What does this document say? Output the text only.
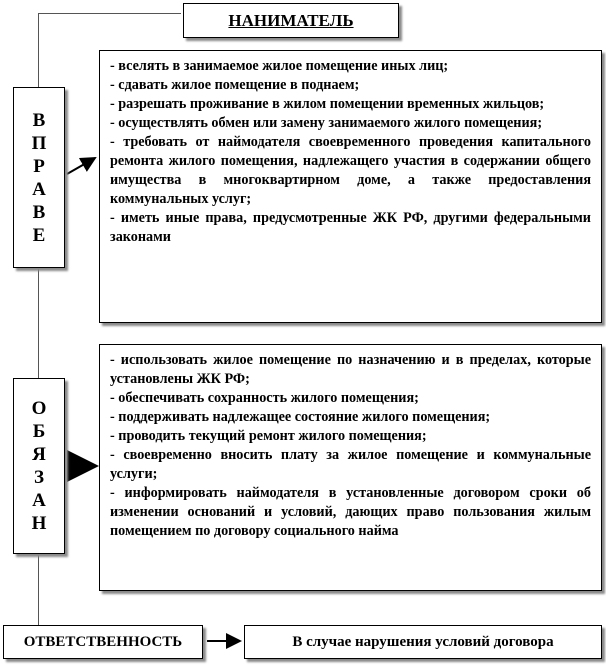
НАНИМАТЕЛЬ
В
П
Р
А
В
Е
- вселять в занимаемое жилое помещение иных лиц;
- сдавать жилое помещение в поднаем;
- разрешать проживание в жилом помещении временных жильцов;
- осуществлять обмен или замену занимаемого жилого помещения;
- требовать от наймодателя своевременного проведения капитального ремонта жилого помещения, надлежащего участия в содержании общего имущества в многоквартирном доме, а также предоставления коммунальных услуг;
- иметь иные права, предусмотренные ЖК РФ, другими федеральными законами
О
Б
Я
З
А
Н
- использовать жилое помещение по назначению и в пределах, которые установлены ЖК РФ;
- обеспечивать сохранность жилого помещения;
- поддерживать надлежащее состояние жилого помещения;
- проводить текущий ремонт жилого помещения;
- своевременно вносить плату за жилое помещение и коммунальные услуги;
- информировать наймодателя в установленные договором сроки об изменении оснований и условий, дающих право пользования жилым помещением по договору социального найма
ОТВЕТСТВЕННОСТЬ	В случае нарушения условий договора
